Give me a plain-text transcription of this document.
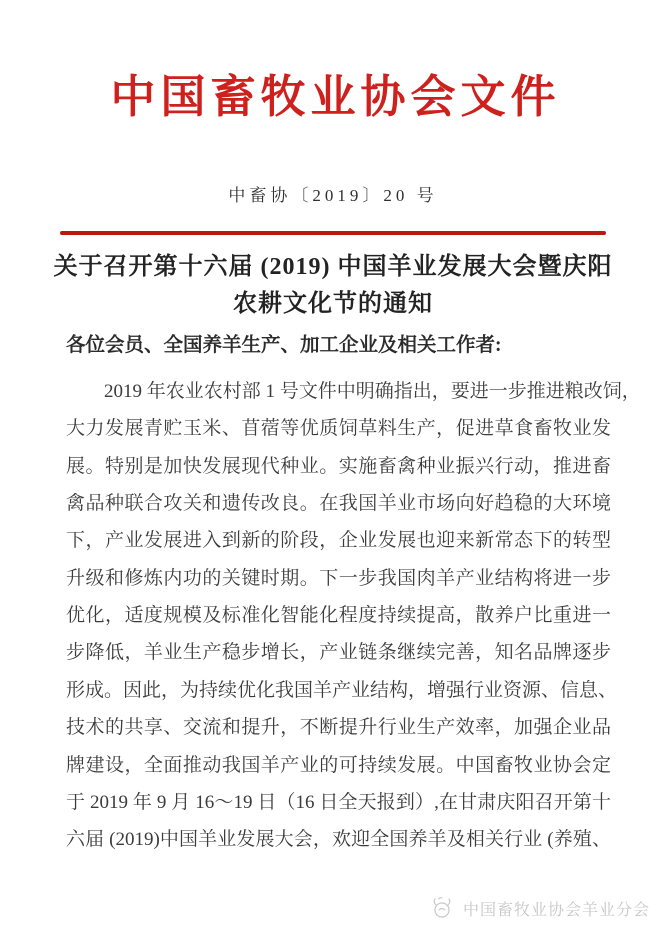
中国畜牧业协会文件
中畜协〔2019〕20 号
关于召开第十六届 (2019) 中国羊业发展大会暨庆阳
农耕文化节的通知
各位会员、全国养羊生产、加工企业及相关工作者:
　　2019 年农业农村部 1 号文件中明确指出，要进一步推进粮改饲，
大力发展青贮玉米、苜蓿等优质饲草料生产，促进草食畜牧业发
展。特别是加快发展现代种业。实施畜禽种业振兴行动，推进畜
禽品种联合攻关和遗传改良。在我国羊业市场向好趋稳的大环境
下，产业发展进入到新的阶段，企业发展也迎来新常态下的转型
升级和修炼内功的关键时期。下一步我国肉羊产业结构将进一步
优化，适度规模及标准化智能化程度持续提高，散养户比重进一
步降低，羊业生产稳步增长，产业链条继续完善，知名品牌逐步
形成。因此，为持续优化我国羊产业结构，增强行业资源、信息、
技术的共享、交流和提升，不断提升行业生产效率，加强企业品
牌建设，全面推动我国羊产业的可持续发展。中国畜牧业协会定
于 2019 年 9 月 16～19 日（16 日全天报到）,在甘肃庆阳召开第十
六届 (2019)中国羊业发展大会，欢迎全国养羊及相关行业 (养殖、
中国畜牧业协会羊业分会
